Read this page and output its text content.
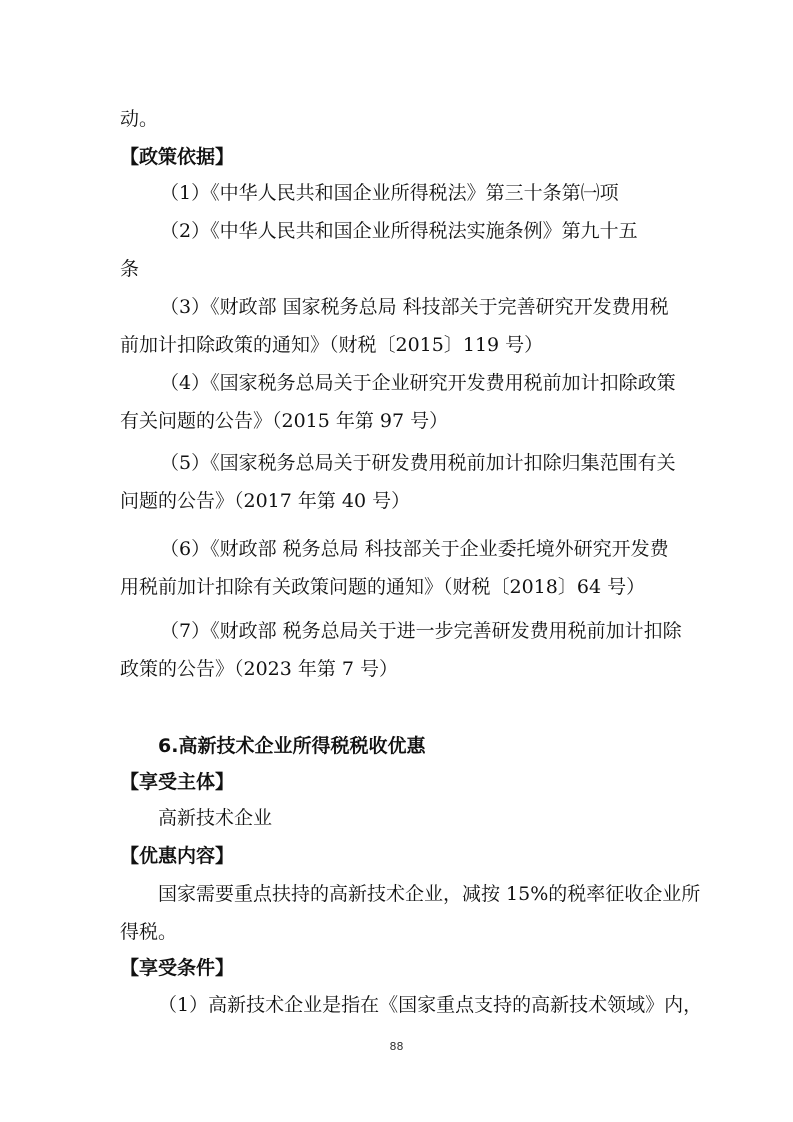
动。
【政策依据】
（1）《中华人民共和国企业所得税法》第三十条第㈠项
（2）《中华人民共和国企业所得税法实施条例》第九十五
条
（3）《财政部 国家税务总局 科技部关于完善研究开发费用税
前加计扣除政策的通知》（财税〔2015〕119 号）
（4）《国家税务总局关于企业研究开发费用税前加计扣除政策
有关问题的公告》（2015 年第 97 号）
（5）《国家税务总局关于研发费用税前加计扣除归集范围有关
问题的公告》（2017 年第 40 号）
（6）《财政部 税务总局 科技部关于企业委托境外研究开发费
用税前加计扣除有关政策问题的通知》（财税〔2018〕64 号）
（7）《财政部 税务总局关于进一步完善研发费用税前加计扣除
政策的公告》（2023 年第 7 号）
6.高新技术企业所得税税收优惠
【享受主体】
高新技术企业
【优惠内容】
国家需要重点扶持的高新技术企业，减按 15%的税率征收企业所
得税。
【享受条件】
（1）高新技术企业是指在《国家重点支持的高新技术领域》内，
88
